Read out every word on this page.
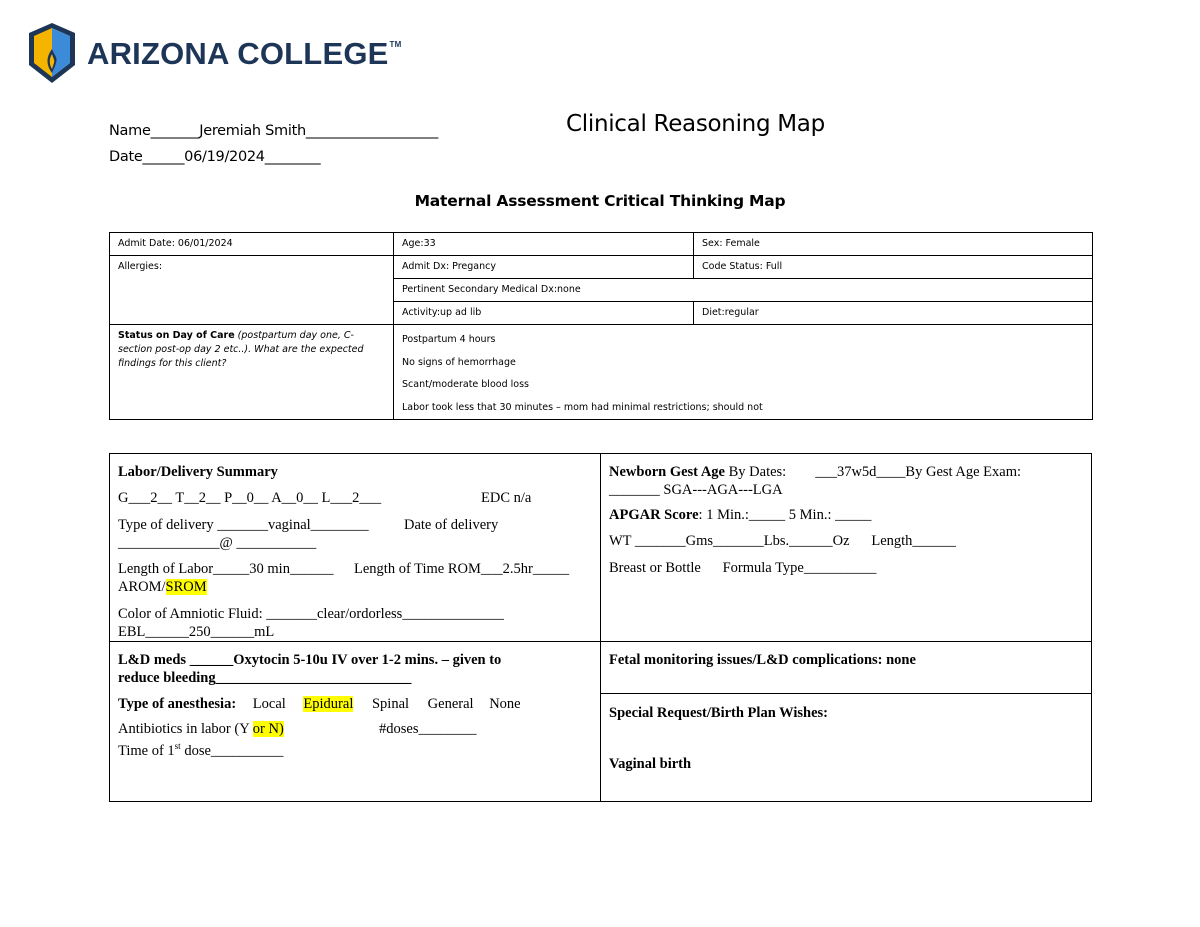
ARIZONA COLLEGE™
Name_______Jeremiah Smith___________________
Date______06/19/2024________
Clinical Reasoning Map
Maternal Assessment Critical Thinking Map
Admit Date: 06/01/2024	Age:33	Sex: Female
Allergies:	Admit Dx: Pregancy	Code Status: Full
	Pertinent Secondary Medical Dx:none	
	Activity:up ad lib	Diet:regular
Status on Day of Care (postpartum day one, C-section post-op day 2 etc..). What are the expected findings for this client?	Postpartum 4 hours
No signs of hemorrhage
Scant/moderate blood loss
Labor took less that 30 minutes – mom had minimal restrictions; should not	
Labor/Delivery Summary
G___2__ T__2__ P__0__ A__0__ L___2___	EDC n/a
Type of delivery _______vaginal________ Date of delivery
______________@ ___________
Length of Labor_____30 min______ Length of Time ROM___2.5hr_____
AROM/SROM
Color of Amniotic Fluid: _______clear/ordorless______________
EBL______250______mL
Newborn Gest Age By Dates:        ___37w5d____By Gest Age Exam:
_______ SGA---AGA---LGA
APGAR Score: 1 Min.:_____ 5 Min.: _____
WT _______Gms_______Lbs.______Oz      Length______
Breast or Bottle      Formula Type__________
L&D meds ______Oxytocin 5-10u IV over 1-2 mins. – given to
reduce bleeding___________________________
Type of anesthesia: Local Epidural Spinal General None
Antibiotics in labor (Y or N)	#doses________
Time of 1st dose__________
Fetal monitoring issues/L&D complications: none
Special Request/Birth Plan Wishes:
Vaginal birth
